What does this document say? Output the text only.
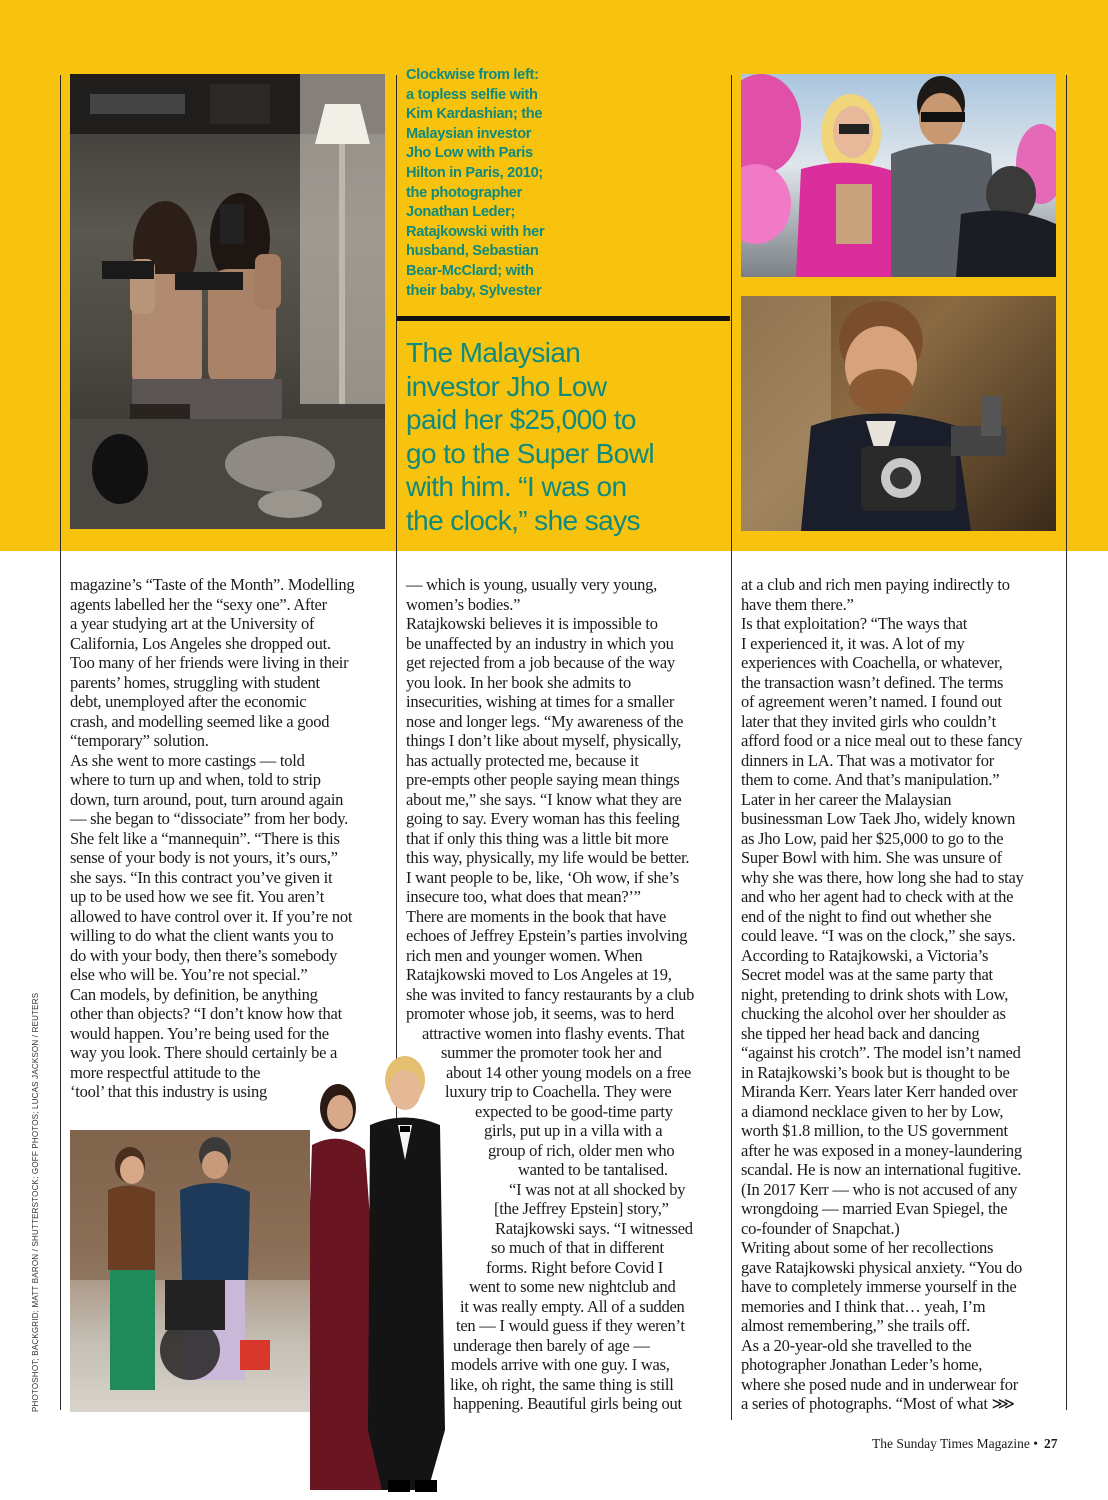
Clockwise from left:
a topless selfie with
Kim Kardashian; the
Malaysian investor
Jho Low with Paris
Hilton in Paris, 2010;
the photographer
Jonathan Leder;
Ratajkowski with her
husband, Sebastian
Bear-McClard; with
their baby, Sylvester
The Malaysian
investor Jho Low
paid her $25,000 to
go to the Super Bowl
with him. “I was on
the clock,” she says
magazine’s “Taste of the Month”. Modelling
agents labelled her the “sexy one”. After
a year studying art at the University of
California, Los Angeles she dropped out.
Too many of her friends were living in their
parents’ homes, struggling with student
debt, unemployed after the economic
crash, and modelling seemed like a good
“temporary” solution.
As she went to more castings — told
where to turn up and when, told to strip
down, turn around, pout, turn around again
— she began to “dissociate” from her body.
She felt like a “mannequin”. “There is this
sense of your body is not yours, it’s ours,”
she says. “In this contract you’ve given it
up to be used how we see fit. You aren’t
allowed to have control over it. If you’re not
willing to do what the client wants you to
do with your body, then there’s somebody
else who will be. You’re not special.”
Can models, by definition, be anything
other than objects? “I don’t know how that
would happen. You’re being used for the
way you look. There should certainly be a
more respectful attitude to the
‘tool’ that this industry is using
— which is young, usually very young,
women’s bodies.”
Ratajkowski believes it is impossible to
be unaffected by an industry in which you
get rejected from a job because of the way
you look. In her book she admits to
insecurities, wishing at times for a smaller
nose and longer legs. “My awareness of the
things I don’t like about myself, physically,
has actually protected me, because it
pre-empts other people saying mean things
about me,” she says. “I know what they are
going to say. Every woman has this feeling
that if only this thing was a little bit more
this way, physically, my life would be better.
I want people to be, like, ‘Oh wow, if she’s
insecure too, what does that mean?’”
There are moments in the book that have
echoes of Jeffrey Epstein’s parties involving
rich men and younger women. When
Ratajkowski moved to Los Angeles at 19,
she was invited to fancy restaurants by a club
promoter whose job, it seems, was to herd
attractive women into flashy events. That
summer the promoter took her and
about 14 other young models on a free
luxury trip to Coachella. They were
expected to be good-time party
girls, put up in a villa with a
group of rich, older men who
wanted to be tantalised.
“I was not at all shocked by
[the Jeffrey Epstein] story,”
Ratajkowski says. “I witnessed
so much of that in different
forms. Right before Covid I
went to some new nightclub and
it was really empty. All of a sudden
ten — I would guess if they weren’t
underage then barely of age —
models arrive with one guy. I was,
like, oh right, the same thing is still
happening. Beautiful girls being out
at a club and rich men paying indirectly to
have them there.”
Is that exploitation? “The ways that
I experienced it, it was. A lot of my
experiences with Coachella, or whatever,
the transaction wasn’t defined. The terms
of agreement weren’t named. I found out
later that they invited girls who couldn’t
afford food or a nice meal out to these fancy
dinners in LA. That was a motivator for
them to come. And that’s manipulation.”
Later in her career the Malaysian
businessman Low Taek Jho, widely known
as Jho Low, paid her $25,000 to go to the
Super Bowl with him. She was unsure of
why she was there, how long she had to stay
and who her agent had to check with at the
end of the night to find out whether she
could leave. “I was on the clock,” she says.
According to Ratajkowski, a Victoria’s
Secret model was at the same party that
night, pretending to drink shots with Low,
chucking the alcohol over her shoulder as
she tipped her head back and dancing
“against his crotch”. The model isn’t named
in Ratajkowski’s book but is thought to be
Miranda Kerr. Years later Kerr handed over
a diamond necklace given to her by Low,
worth $1.8 million, to the US government
after he was exposed in a money-laundering
scandal. He is now an international fugitive.
(In 2017 Kerr — who is not accused of any
wrongdoing — married Evan Spiegel, the
co-founder of Snapchat.)
Writing about some of her recollections
gave Ratajkowski physical anxiety. “You do
have to completely immerse yourself in the
memories and I think that… yeah, I’m
almost remembering,” she trails off.
As a 20-year-old she travelled to the
photographer Jonathan Leder’s home,
where she posed nude and in underwear for
a series of photographs. “Most of what ⋙
PHOTOSHOT; BACKGRID; MATT BARON / SHUTTERSTOCK; GOFF PHOTOS; LUCAS JACKSON / REUTERS
The Sunday Times Magazine • 27
